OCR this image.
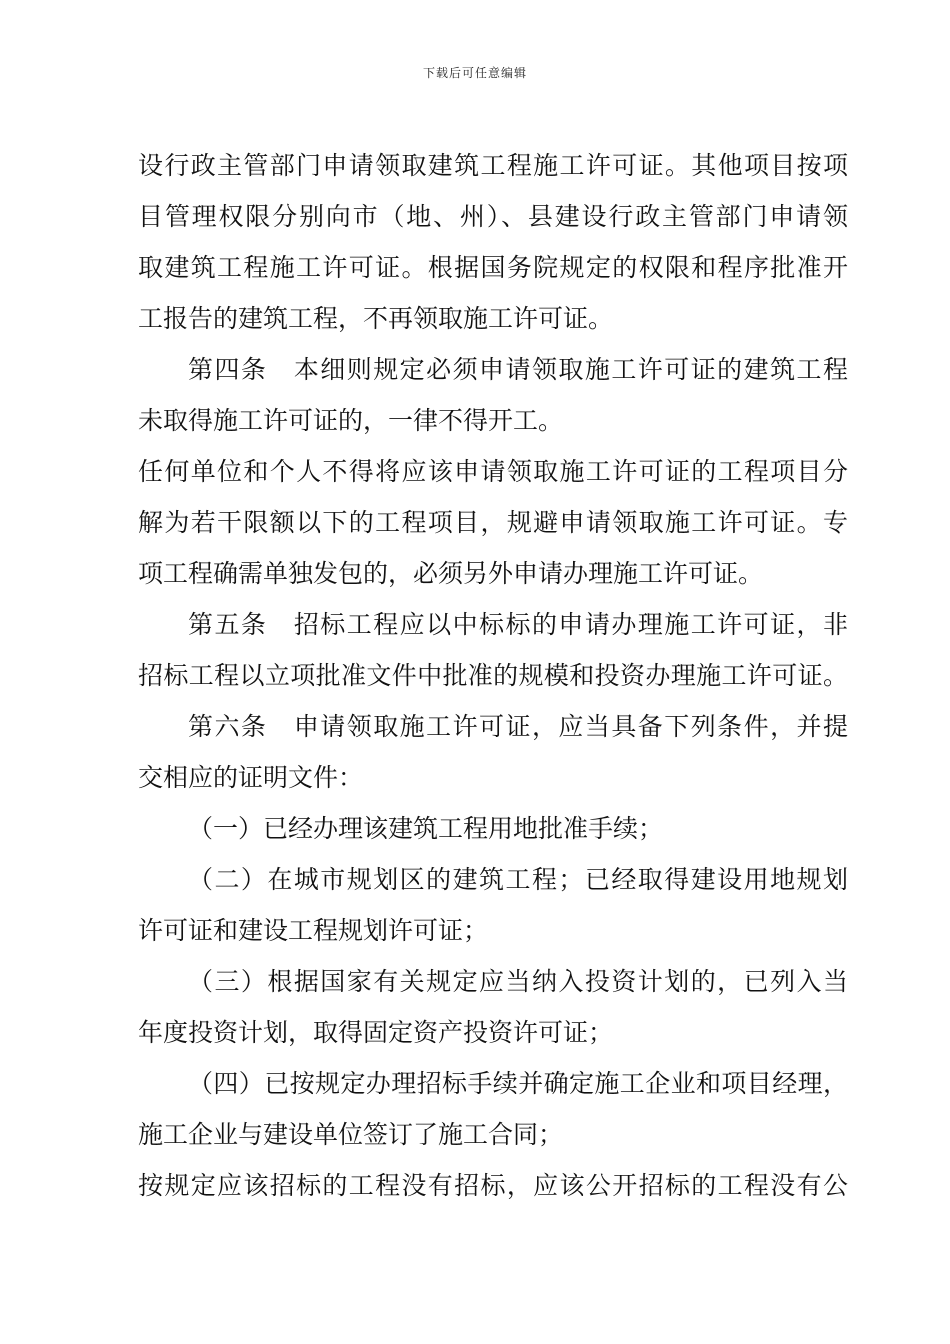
下载后可任意编辑
设行政主管部门申请领取建筑工程施工许可证。其他项目按项
目管理权限分别向市（地、州）、县建设行政主管部门申请领
取建筑工程施工许可证。根据国务院规定的权限和程序批准开
工报告的建筑工程，不再领取施工许可证。
第四条　本细则规定必须申请领取施工许可证的建筑工程
未取得施工许可证的，一律不得开工。
任何单位和个人不得将应该申请领取施工许可证的工程项目分
解为若干限额以下的工程项目，规避申请领取施工许可证。专
项工程确需单独发包的，必须另外申请办理施工许可证。
第五条　招标工程应以中标标的申请办理施工许可证，非
招标工程以立项批准文件中批准的规模和投资办理施工许可证。
第六条　申请领取施工许可证，应当具备下列条件，并提
交相应的证明文件：
（一）已经办理该建筑工程用地批准手续；
（二）在城市规划区的建筑工程；已经取得建设用地规划
许可证和建设工程规划许可证；
（三）根据国家有关规定应当纳入投资计划的，已列入当
年度投资计划，取得固定资产投资许可证；
（四）已按规定办理招标手续并确定施工企业和项目经理，
施工企业与建设单位签订了施工合同；
按规定应该招标的工程没有招标，应该公开招标的工程没有公
